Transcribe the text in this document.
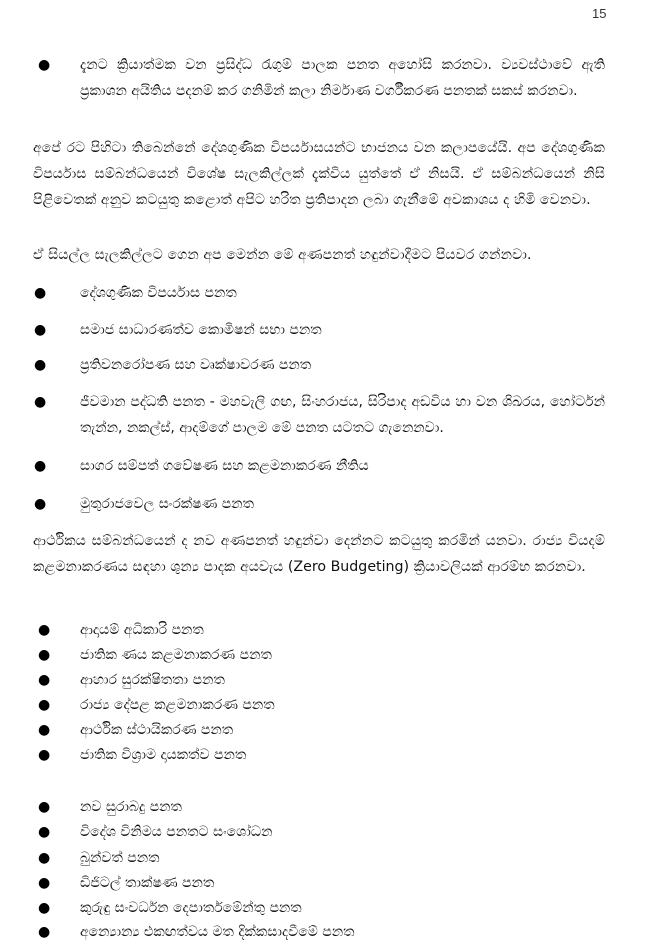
15
● දැනට ක්‍රියාත්මක වන ප්‍රසිද්ධ රැගුම් පාලක පනත අහෝසි කරනවා. ව්‍යවස්ථාවේ ඇති ප්‍රකාශන අයිතිය පදනම් කර ගනිමින් කලා නිර්මාණ වර්ගීකරණ පනතක් සකස් කරනවා.
අපේ රට පිහිටා තිබෙන්නේ දේශගුණික විපර්යාසයන්ට භාජනය වන කලාපයේයි. අප දේශගුණික විපර්යාස සම්බන්ධයෙන් විශේෂ සැලකිල්ලක් දැක්විය යුත්තේ ඒ නිසයි. ඒ සම්බන්ධයෙන් නිසි පිළිවෙතක් අනුව කටයුතු කළොත් අපිට හරිත ප්‍රතිපාදන ලබා ගැනීමේ අවකාශය ද හිමි වෙනවා.
ඒ සියල්ල සැලකිල්ලට ගෙන අප මෙන්න මේ අණපනත් හඳුන්වාදීමට පියවර ගන්නවා.
● දේශගුණික විපර්යාස පනත
● සමාජ සාධාරණත්ව කොමිෂන් සභා පනත
● ප්‍රතිවනරෝපණ සහ වෘක්ෂාවරණ පනත
● ජීවමාන පද්ධති පනත - මහවැලි ගඟ, සිංහරාජය, සිරිපාද අඩවිය හා වන ශිඛරය, හෝර්ටන් තැන්න, නකල්ස්, ආදම්ගේ පාලම මේ පනත යටතට ගැනෙනවා.
● සාගර සම්පත් ගවේෂණ සහ කළමනාකරණ නීතිය
● මුතුරාජවෙල සංරක්ෂණ පනත
ආර්ථිකය සම්බන්ධයෙන් ද නව අණපනත් හඳුන්වා දෙන්නට කටයුතු කරමින් යනවා. රාජ්‍ය වියදම් කළමනාකරණය සඳහා ශුන්‍ය පාදක අයවැය (Zero Budgeting) ක්‍රියාවලියක් ආරම්භ කරනවා.
● ආදායම් අධිකාරි පනත
● ජාතික ණය කළමනාකරණ පනත
● ආහාර සුරක්ෂිතතා පනත
● රාජ්‍ය දේපළ කළමනාකරණ පනත
● ආර්ථික ස්ථායිකරණ පනත
● ජාතික විශ්‍රාම දායකත්ව පනත
● නව සුරාබදු පනත
● විදේශ විනිමය පනතට සංශෝධන
● බුන්වත් පනත
● ඩිජිටල් තාක්ෂණ පනත
● කුරුඳු සංවර්ධන දෙපාර්තමේන්තු පනත
● අන්‍යොන්‍ය එකඟත්වය මත දික්කසාදවීමේ පනත
